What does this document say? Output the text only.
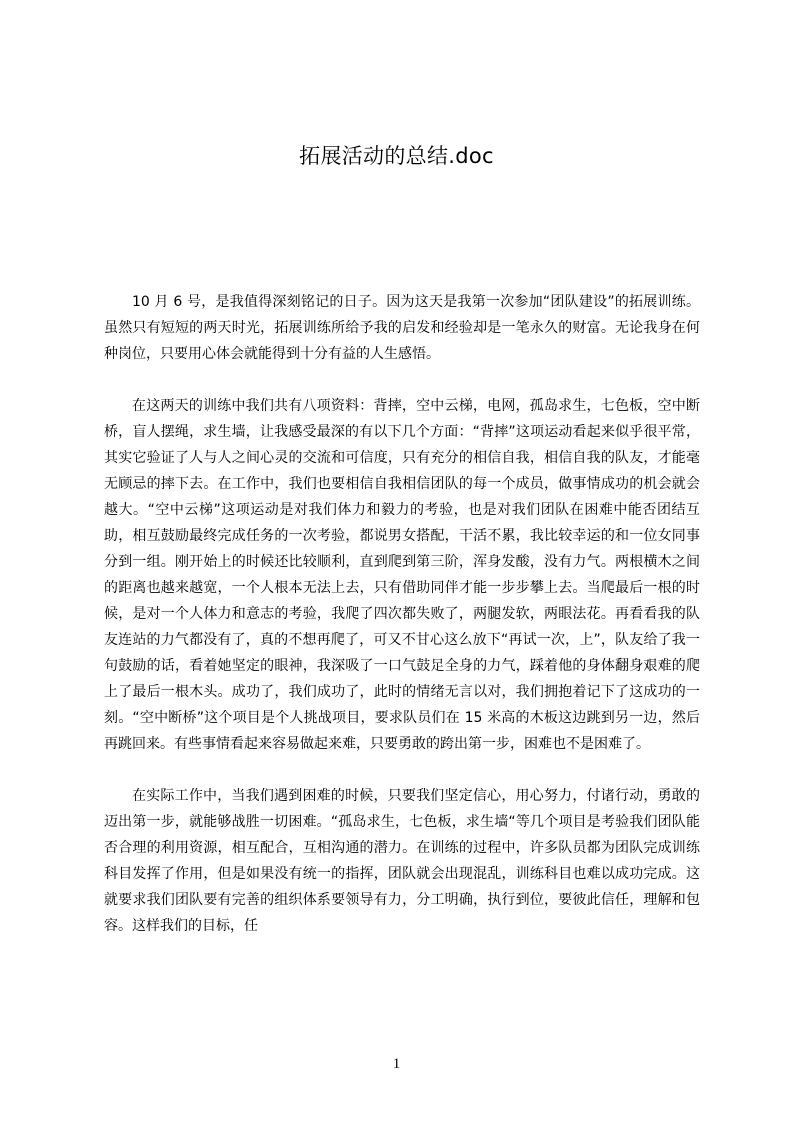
拓展活动的总结.doc

10 月 6 号，是我值得深刻铭记的日子。因为这天是我第一次参加“团队建设”的拓展训练。虽然只有短短的两天时光，拓展训练所给予我的启发和经验却是一笔永久的财富。无论我身在何种岗位，只要用心体会就能得到十分有益的人生感悟。

在这两天的训练中我们共有八项资料：背摔，空中云梯，电网，孤岛求生，七色板，空中断桥，盲人摆绳，求生墙，让我感受最深的有以下几个方面：“背摔”这项运动看起来似乎很平常，其实它验证了人与人之间心灵的交流和可信度，只有充分的相信自我，相信自我的队友，才能毫无顾忌的摔下去。在工作中，我们也要相信自我相信团队的每一个成员，做事情成功的机会就会越大。“空中云梯”这项运动是对我们体力和毅力的考验，也是对我们团队在困难中能否团结互助，相互鼓励最终完成任务的一次考验，都说男女搭配，干活不累，我比较幸运的和一位女同事分到一组。刚开始上的时候还比较顺利，直到爬到第三阶，浑身发酸，没有力气。两根横木之间的距离也越来越宽，一个人根本无法上去，只有借助同伴才能一步步攀上去。当爬最后一根的时候，是对一个人体力和意志的考验，我爬了四次都失败了，两腿发软，两眼法花。再看看我的队友连站的力气都没有了，真的不想再爬了，可又不甘心这么放下“再试一次，上”，队友给了我一句鼓励的话，看着她坚定的眼神，我深吸了一口气鼓足全身的力气，踩着他的身体翻身艰难的爬上了最后一根木头。成功了，我们成功了，此时的情绪无言以对，我们拥抱着记下了这成功的一刻。“空中断桥”这个项目是个人挑战项目，要求队员们在 15 米高的木板这边跳到另一边，然后再跳回来。有些事情看起来容易做起来难，只要勇敢的跨出第一步，困难也不是困难了。

在实际工作中，当我们遇到困难的时候，只要我们坚定信心，用心努力，付诸行动，勇敢的迈出第一步，就能够战胜一切困难。“孤岛求生，七色板，求生墙“等几个项目是考验我们团队能否合理的利用资源，相互配合，互相沟通的潜力。在训练的过程中，许多队员都为团队完成训练科目发挥了作用，但是如果没有统一的指挥，团队就会出现混乱，训练科目也难以成功完成。这就要求我们团队要有完善的组织体系要领导有力，分工明确，执行到位，要彼此信任，理解和包容。这样我们的目标，任

1
